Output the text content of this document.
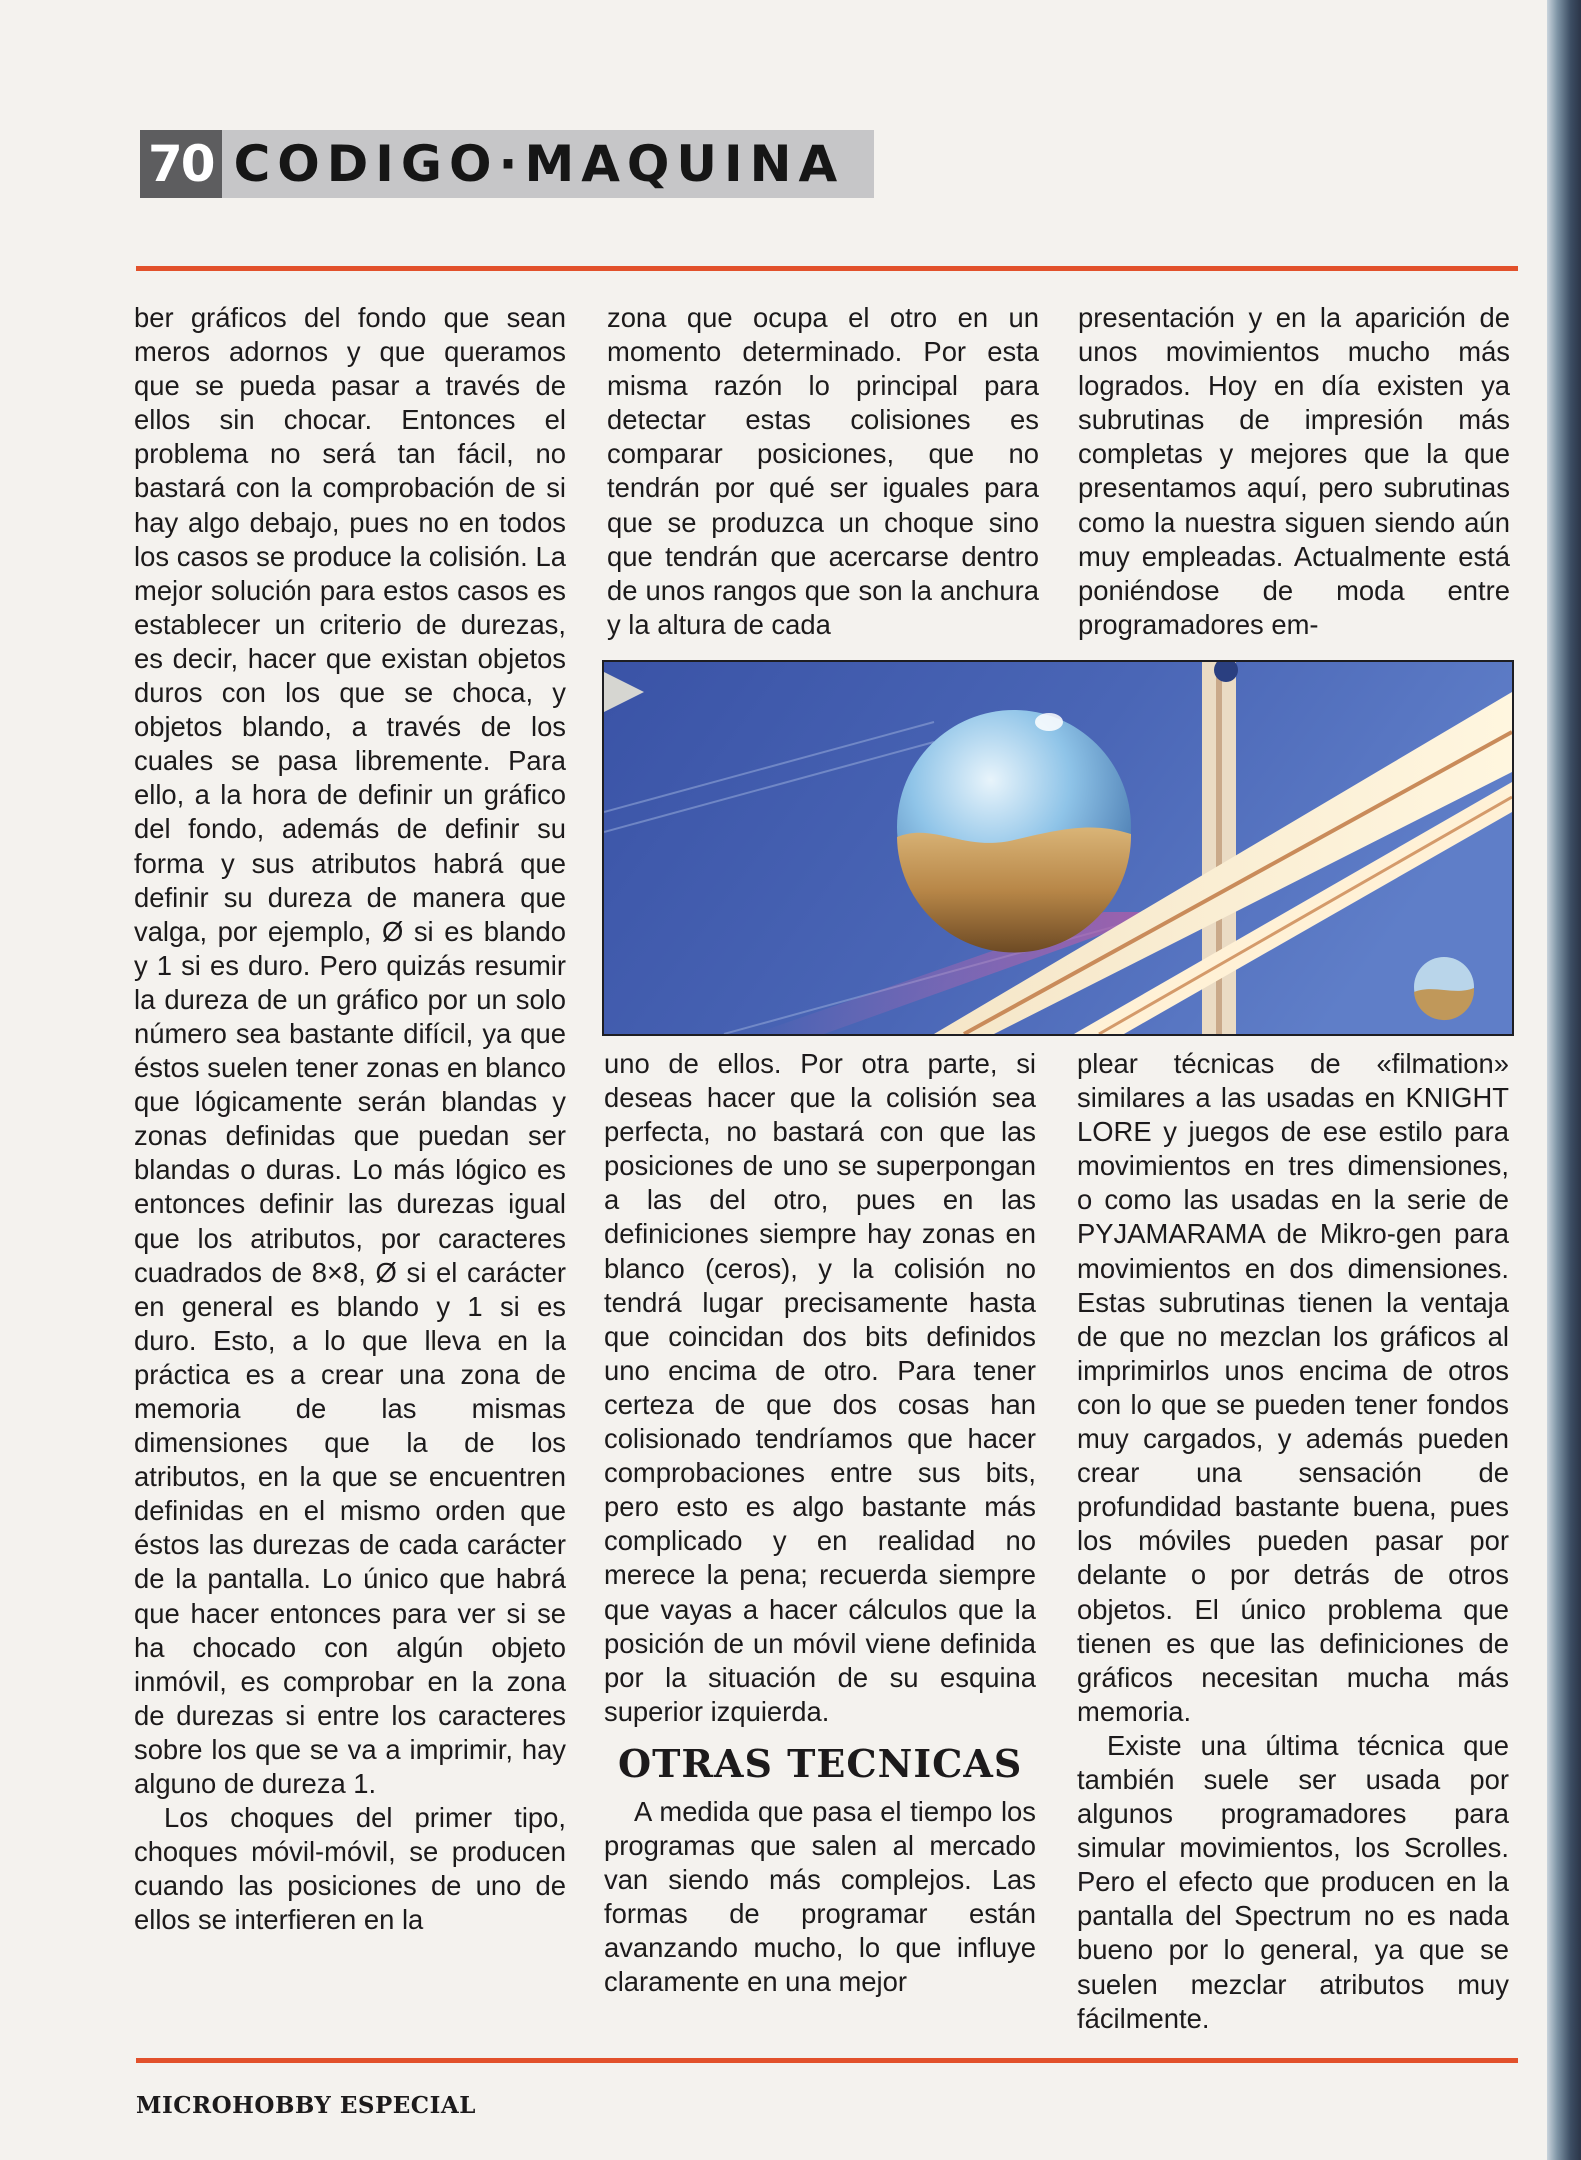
70 CODIGO·MAQUINA

ber gráficos del fondo que sean meros adornos y que queramos que se pueda pasar a través de ellos sin chocar. Entonces el problema no será tan fácil, no bastará con la comprobación de si hay algo debajo, pues no en todos los casos se produce la colisión. La mejor solución para estos casos es establecer un criterio de durezas, es decir, hacer que existan objetos duros con los que se choca, y objetos blando, a través de los cuales se pasa libremente. Para ello, a la hora de definir un gráfico del fondo, además de definir su forma y sus atributos habrá que definir su dureza de manera que valga, por ejemplo, Ø si es blando y 1 si es duro. Pero quizás resumir la dureza de un gráfico por un solo número sea bastante difícil, ya que éstos suelen tener zonas en blanco que lógicamente serán blandas y zonas definidas que puedan ser blandas o duras. Lo más lógico es entonces definir las durezas igual que los atributos, por caracteres cuadrados de 8×8, Ø si el carácter en general es blando y 1 si es duro. Esto, a lo que lleva en la práctica es a crear una zona de memoria de las mismas dimensiones que la de los atributos, en la que se encuentren definidas en el mismo orden que éstos las durezas de cada carácter de la pantalla. Lo único que habrá que hacer entonces para ver si se ha chocado con algún objeto inmóvil, es comprobar en la zona de durezas si entre los caracteres sobre los que se va a imprimir, hay alguno de dureza 1.

Los choques del primer tipo, choques móvil-móvil, se producen cuando las posiciones de uno de ellos se interfieren en la

zona que ocupa el otro en un momento determinado. Por esta misma razón lo principal para detectar estas colisiones es comparar posiciones, que no tendrán por qué ser iguales para que se produzca un choque sino que tendrán que acercarse dentro de unos rangos que son la anchura y la altura de cada

presentación y en la aparición de unos movimientos mucho más logrados. Hoy en día existen ya subrutinas de impresión más completas y mejores que la que presentamos aquí, pero subrutinas como la nuestra siguen siendo aún muy empleadas. Actualmente está poniéndose de moda entre programadores em-

uno de ellos. Por otra parte, si deseas hacer que la colisión sea perfecta, no bastará con que las posiciones de uno se superpongan a las del otro, pues en las definiciones siempre hay zonas en blanco (ceros), y la colisión no tendrá lugar precisamente hasta que coincidan dos bits definidos uno encima de otro. Para tener certeza de que dos cosas han colisionado tendríamos que hacer comprobaciones entre sus bits, pero esto es algo bastante más complicado y en realidad no merece la pena; recuerda siempre que vayas a hacer cálculos que la posición de un móvil viene definida por la situación de su esquina superior izquierda.

OTRAS TECNICAS

A medida que pasa el tiempo los programas que salen al mercado van siendo más complejos. Las formas de programar están avanzando mucho, lo que influye claramente en una mejor

plear técnicas de «filmation» similares a las usadas en KNIGHT LORE y juegos de ese estilo para movimientos en tres dimensiones, o como las usadas en la serie de PYJAMARAMA de Mikro-gen para movimientos en dos dimensiones. Estas subrutinas tienen la ventaja de que no mezclan los gráficos al imprimirlos unos encima de otros con lo que se pueden tener fondos muy cargados, y además pueden crear una sensación de profundidad bastante buena, pues los móviles pueden pasar por delante o por detrás de otros objetos. El único problema que tienen es que las definiciones de gráficos necesitan mucha más memoria.

Existe una última técnica que también suele ser usada por algunos programadores para simular movimientos, los Scrolles. Pero el efecto que producen en la pantalla del Spectrum no es nada bueno por lo general, ya que se suelen mezclar atributos muy fácilmente.

MICROHOBBY ESPECIAL
